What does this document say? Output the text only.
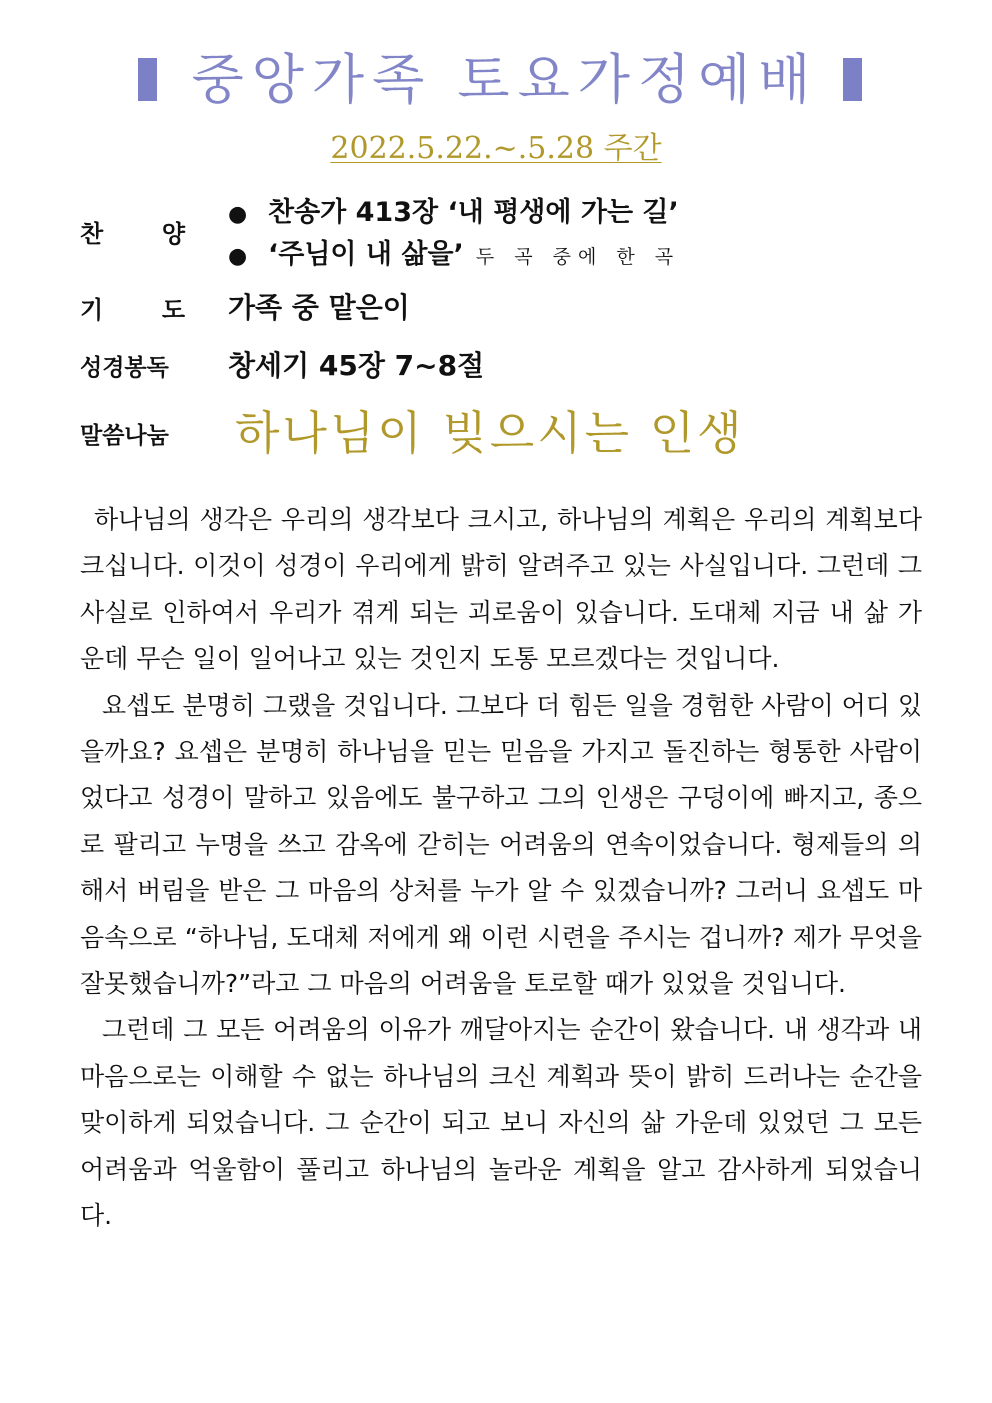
중앙가족 토요가정예배
2022.5.22.~.5.28 주간
찬 양
● 찬송가 413장 ‘내 평생에 가는 길’
● ‘주님이 내 삶을’ 두 곡 중에 한 곡
기 도 가족 중 맡은이
성경봉독	창세기 45장 7~8절
말씀나눔	하나님이 빚으시는 인생

하나님의 생각은 우리의 생각보다 크시고, 하나님의 계획은 우리의 계획보다 크십니다. 이것이 성경이 우리에게 밝히 알려주고 있는 사실입니다. 그런데 그 사실로 인하여서 우리가 겪게 되는 괴로움이 있습니다. 도대체 지금 내 삶 가운데 무슨 일이 일어나고 있는 것인지 도통 모르겠다는 것입니다.

요셉도 분명히 그랬을 것입니다. 그보다 더 힘든 일을 경험한 사람이 어디 있을까요? 요셉은 분명히 하나님을 믿는 믿음을 가지고 돌진하는 형통한 사람이었다고 성경이 말하고 있음에도 불구하고 그의 인생은 구덩이에 빠지고, 종으로 팔리고 누명을 쓰고 감옥에 갇히는 어려움의 연속이었습니다. 형제들의 의해서 버림을 받은 그 마음의 상처를 누가 알 수 있겠습니까? 그러니 요셉도 마음속으로 “하나님, 도대체 저에게 왜 이런 시련을 주시는 겁니까? 제가 무엇을 잘못했습니까?”라고 그 마음의 어려움을 토로할 때가 있었을 것입니다.

그런데 그 모든 어려움의 이유가 깨달아지는 순간이 왔습니다. 내 생각과 내 마음으로는 이해할 수 없는 하나님의 크신 계획과 뜻이 밝히 드러나는 순간을 맞이하게 되었습니다. 그 순간이 되고 보니 자신의 삶 가운데 있었던 그 모든 어려움과 억울함이 풀리고 하나님의 놀라운 계획을 알고 감사하게 되었습니다.
